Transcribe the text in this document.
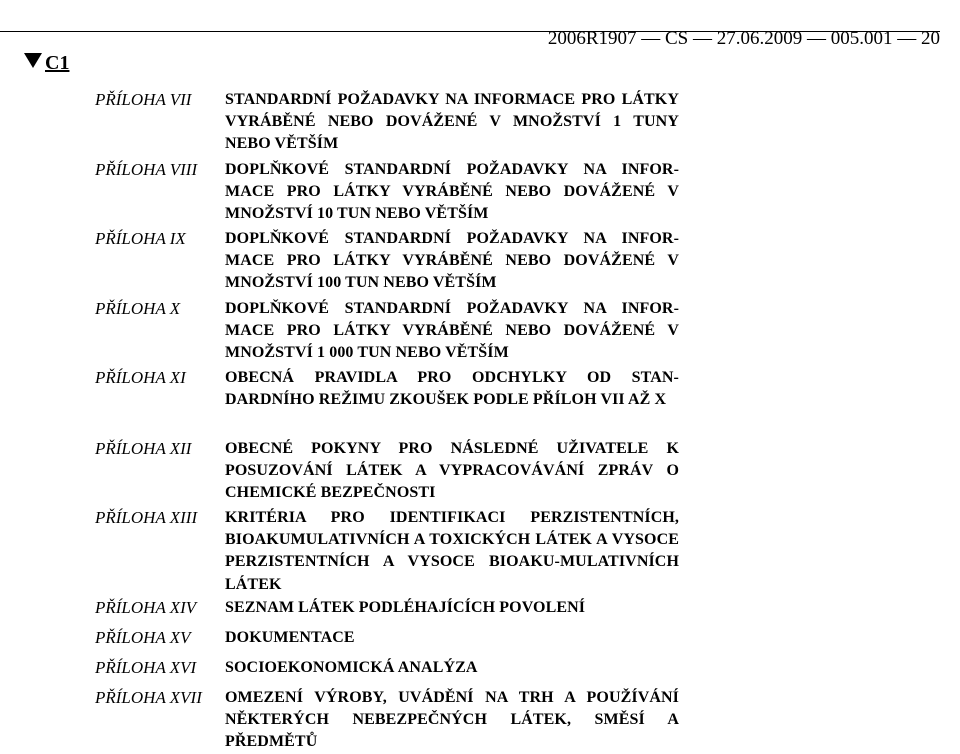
2006R1907 — CS — 27.06.2009 — 005.001 — 20

C1
PŘÍLOHA VII STANDARDNÍ POŽADAVKY NA INFORMACE PRO LÁTKY VYRÁBĚNÉ NEBO DOVÁŽENÉ V MNOŽSTVÍ 1 TUNY NEBO VĚTŠÍM
PŘÍLOHA VIII DOPLŇKOVÉ STANDARDNÍ POŽADAVKY NA INFOR-MACE PRO LÁTKY VYRÁBĚNÉ NEBO DOVÁŽENÉ V MNOŽSTVÍ 10 TUN NEBO VĚTŠÍM
PŘÍLOHA IX DOPLŇKOVÉ STANDARDNÍ POŽADAVKY NA INFOR-MACE PRO LÁTKY VYRÁBĚNÉ NEBO DOVÁŽENÉ V MNOŽSTVÍ 100 TUN NEBO VĚTŠÍM
PŘÍLOHA X	DOPLŇKOVÉ STANDARDNÍ POŽADAVKY NA INFOR-MACE PRO LÁTKY VYRÁBĚNÉ NEBO DOVÁŽENÉ V MNOŽSTVÍ 1 000 TUN NEBO VĚTŠÍM
PŘÍLOHA XI OBECNÁ PRAVIDLA PRO ODCHYLKY OD STAN-DARDNÍHO REŽIMU ZKOUŠEK PODLE PŘÍLOH VII AŽ X
PŘÍLOHA XII OBECNÉ POKYNY PRO NÁSLEDNÉ UŽIVATELE K POSUZOVÁNÍ LÁTEK A VYPRACOVÁVÁNÍ ZPRÁV O CHEMICKÉ BEZPEČNOSTI
PŘÍLOHA XIII KRITÉRIA PRO IDENTIFIKACI PERZISTENTNÍCH, BIOAKUMULATIVNÍCH A TOXICKÝCH LÁTEK A VYSOCE PERZISTENTNÍCH A VYSOCE BIOAKU-MULATIVNÍCH LÁTEK
PŘÍLOHA XIV SEZNAM LÁTEK PODLÉHAJÍCÍCH POVOLENÍ
PŘÍLOHA XV DOKUMENTACE
PŘÍLOHA XVI SOCIOEKONOMICKÁ ANALÝZA
PŘÍLOHA XVII OMEZENÍ VÝROBY, UVÁDĚNÍ NA TRH A POUŽÍVÁNÍ NĚKTERÝCH NEBEZPEČNÝCH LÁTEK, SMĚSÍ A PŘEDMĚTŮ
